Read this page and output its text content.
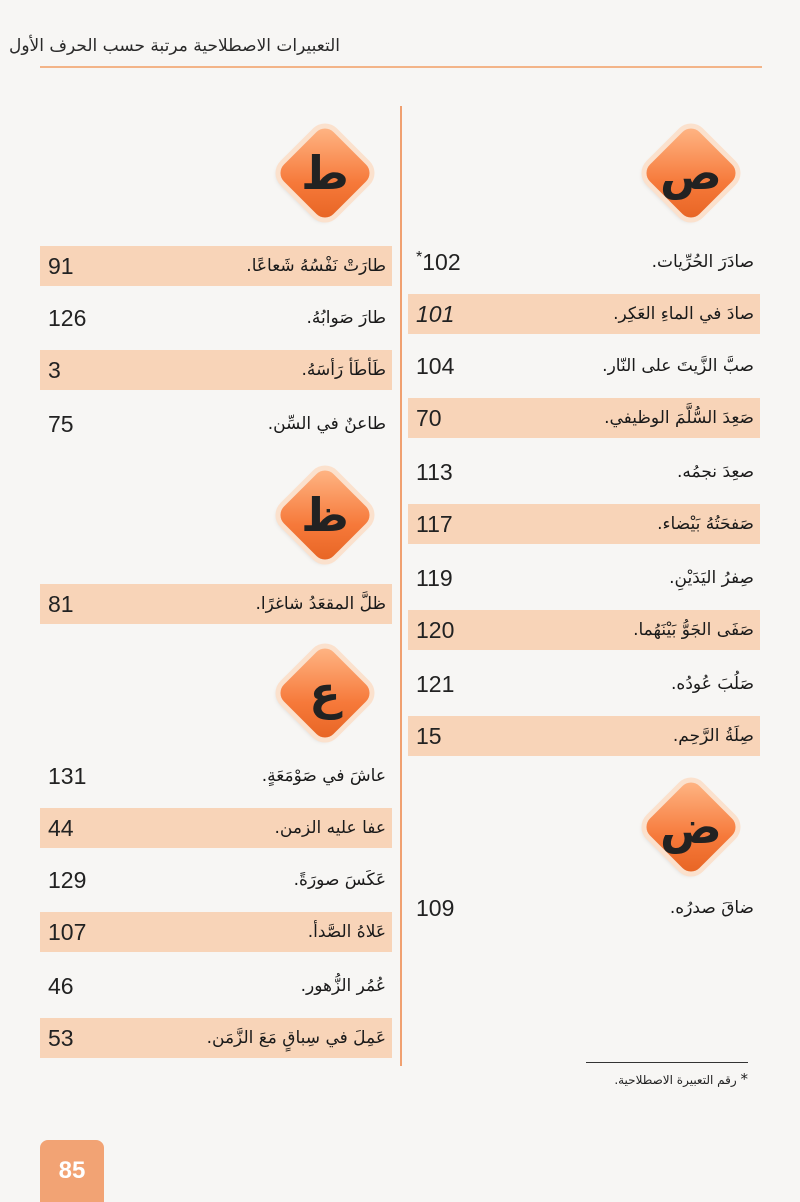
التعبيرات الاصطلاحية مرتبة حسب الحرف الأول
ص
*102	صادَرَ الحُرِّيات.
101	صادَ في الماءِ العَكِر.
104	صبَّ الزَّيتَ على النّار.
70	صَعِدَ السُّلَّمَ الوظيفي.
113	صعِدَ نجمُه.
117	صَفحَتُهُ بَيْضاء.
119	صِفرُ اليَدَيْنِ.
120	صَفَى الجَوُّ بَيْنَهُما.
121	صَلُبَ عُودُه.
15	صِلَةُ الرَّحِم.
ض
109	ضاقَ صدرُه.
ط
91	طارَتْ نَفْسُهُ شَعاعًا.
126	طارَ صَوابُهُ.
3	طَأطَأ رَأسَهُ.
75	طاعنٌ في السِّن.
ظ
81	ظلَّ المقعَدُ شاغرًا.
ع
131	عاشَ في صَوْمَعَةٍ.
44	عفا عليه الزمن.
129	عَكَسَ صورَةً.
107	عَلاهُ الصَّدأ.
46	عُمُر الزُّهور.
53	عَمِلَ في سِباقٍ مَعَ الزَّمَن.
* رقم التعبيرة الاصطلاحية.
85
